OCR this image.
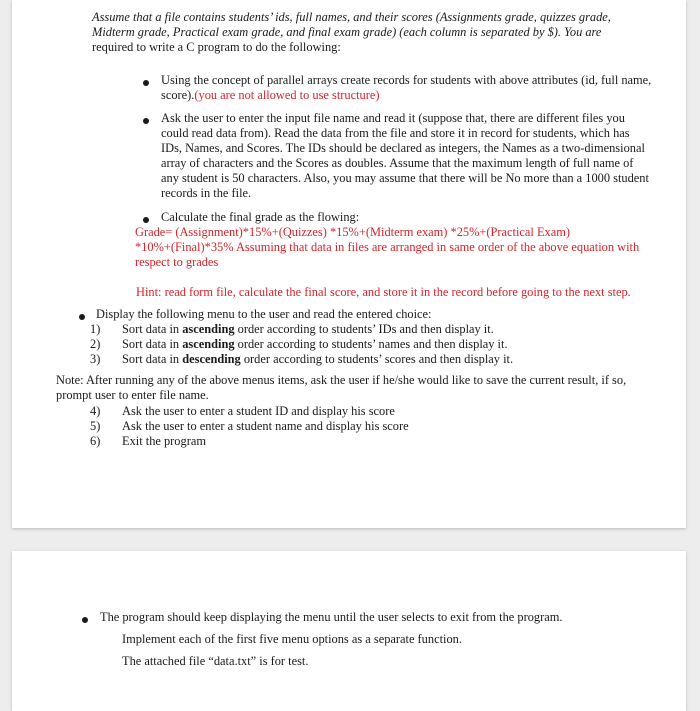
Assume that a file contains students’ ids, full names, and their scores (Assignments grade, quizzes grade,

Midterm grade, Practical exam grade, and final exam grade) (each column is separated by $). You are

required to write a C program to do the following:

Using the concept of parallel arrays create records for students with above attributes (id, full name,

score).(you are not allowed to use structure)

Ask the user to enter the input file name and read it (suppose that, there are different files you

could read data from). Read the data from the file and store it in record for students, which has

IDs, Names, and Scores. The IDs should be declared as integers, the Names as a two-dimensional

array of characters and the Scores as doubles. Assume that the maximum length of full name of

any student is 50 characters. Also, you may assume that there will be No more than a 1000 student

records in the file.

Calculate the final grade as the flowing:

Grade= (Assignment)*15%+(Quizzes) *15%+(Midterm exam) *25%+(Practical Exam)

*10%+(Final)*35% Assuming that data in files are arranged in same order of the above equation with

respect to grades

Hint: read form file, calculate the final score, and store it in the record before going to the next step.

Display the following menu to the user and read the entered choice:

1) Sort data in ascending order according to students’ IDs and then display it.

2) Sort data in ascending order according to students’ names and then display it.

3) Sort data in descending order according to students’ scores and then display it.

Note: After running any of the above menus items, ask the user if he/she would like to save the current result, if so,

prompt user to enter file name.

4) Ask the user to enter a student ID and display his score

5) Ask the user to enter a student name and display his score

6) Exit the program

The program should keep displaying the menu until the user selects to exit from the program.

Implement each of the first five menu options as a separate function.

The attached file “data.txt” is for test.
